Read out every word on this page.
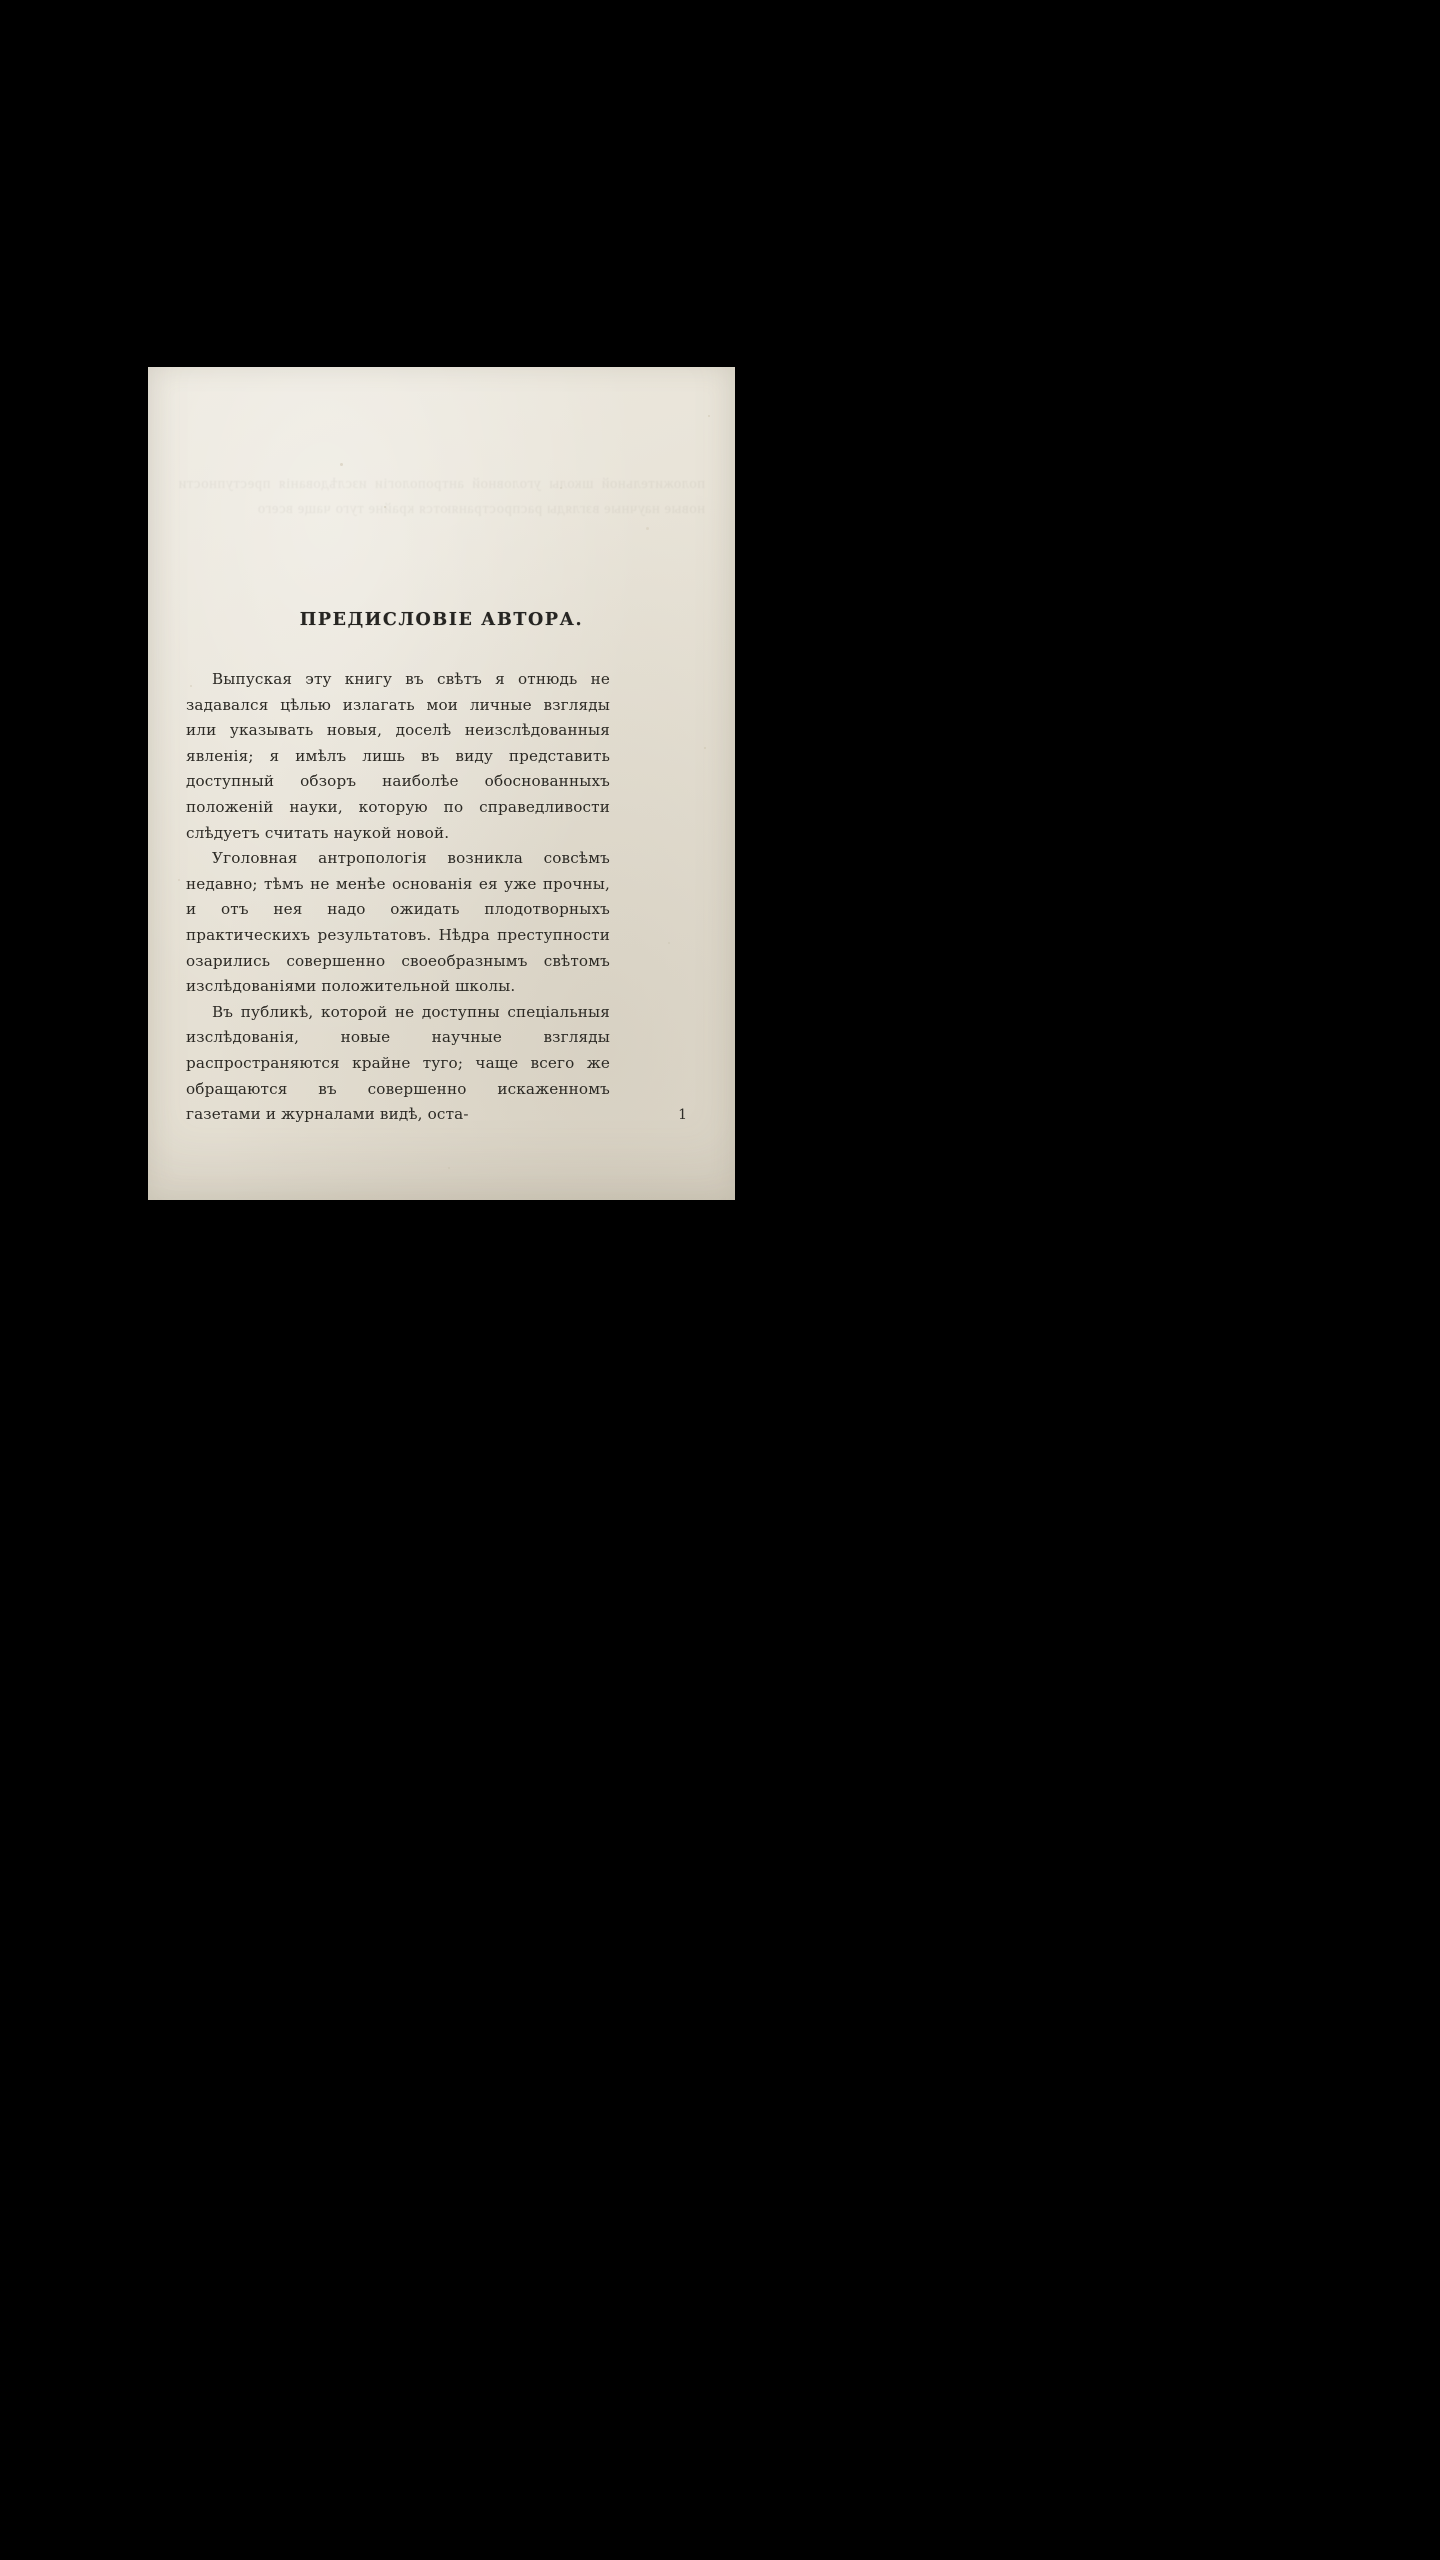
положительной школы уголовной антропологiи изслѣдованiя преступности новые научные взгляды распространяются крайне туго чаще всего
ПРЕДИСЛОВIЕ АВТОРА.

Выпуская эту книгу въ свѣтъ я отнюдь не задавался цѣлью излагать мои личные взгляды или указывать новыя, доселѣ неизслѣдованныя явленiя; я имѣлъ лишь въ виду представить доступный обзоръ наиболѣе обоснованныхъ положенiй науки, которую по справедливости слѣдуетъ считать наукой новой.

Уголовная антропологiя возникла совсѣмъ недавно; тѣмъ не менѣе основанiя ея уже прочны, и отъ нея надо ожидать плодотворныхъ практическихъ результатовъ. Нѣдра преступности озарились совершенно своеобразнымъ свѣтомъ изслѣдованiями положительной школы.

Въ публикѣ, которой не доступны спецiальныя изслѣдованiя, новые научные взгляды распространяются крайне туго; чаще всего же обращаются въ совершенно искаженномъ газетами и журналами видѣ, оста-	1
